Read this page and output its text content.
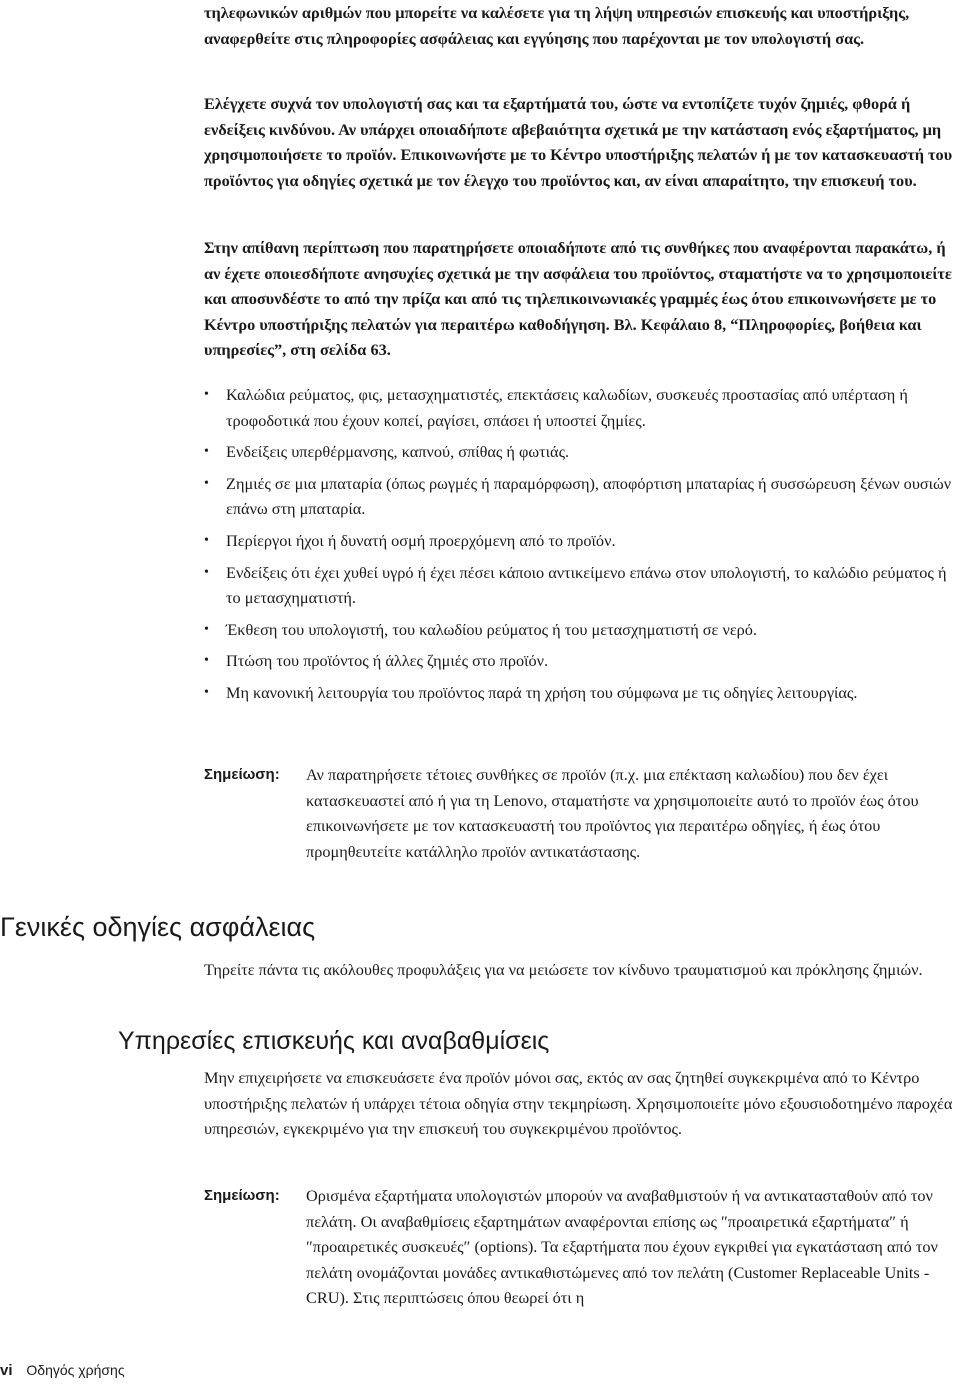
τηλεφωνικών αριθμών που μπορείτε να καλέσετε για τη λήψη υπηρεσιών επισκευής και υποστήριξης, αναφερθείτε στις πληροφορίες ασφάλειας και εγγύησης που παρέχονται με τον υπολογιστή σας.

Ελέγχετε συχνά τον υπολογιστή σας και τα εξαρτήματά του, ώστε να εντοπίζετε τυχόν ζημιές, φθορά ή ενδείξεις κινδύνου. Αν υπάρχει οποιαδήποτε αβεβαιότητα σχετικά με την κατάσταση ενός εξαρτήματος, μη χρησιμοποιήσετε το προϊόν. Επικοινωνήστε με το Κέντρο υποστήριξης πελατών ή με τον κατασκευαστή του προϊόντος για οδηγίες σχετικά με τον έλεγχο του προϊόντος και, αν είναι απαραίτητο, την επισκευή του.

Στην απίθανη περίπτωση που παρατηρήσετε οποιαδήποτε από τις συνθήκες που αναφέρονται παρακάτω, ή αν έχετε οποιεσδήποτε ανησυχίες σχετικά με την ασφάλεια του προϊόντος, σταματήστε να το χρησιμοποιείτε και αποσυνδέστε το από την πρίζα και από τις τηλεπικοινωνιακές γραμμές έως ότου επικοινωνήσετε με το Κέντρο υποστήριξης πελατών για περαιτέρω καθοδήγηση. Βλ. Κεφάλαιο 8, “Πληροφορίες, βοήθεια και υπηρεσίες”, στη σελίδα 63.

• Καλώδια ρεύματος, φις, μετασχηματιστές, επεκτάσεις καλωδίων, συσκευές προστασίας από υπέρταση ή τροφοδοτικά που έχουν κοπεί, ραγίσει, σπάσει ή υποστεί ζημίες.
• Ενδείξεις υπερθέρμανσης, καπνού, σπίθας ή φωτιάς.
• Ζημιές σε μια μπαταρία (όπως ρωγμές ή παραμόρφωση), αποφόρτιση μπαταρίας ή συσσώρευση ξένων ουσιών επάνω στη μπαταρία.
• Περίεργοι ήχοι ή δυνατή οσμή προερχόμενη από το προϊόν.
• Ενδείξεις ότι έχει χυθεί υγρό ή έχει πέσει κάποιο αντικείμενο επάνω στον υπολογιστή, το καλώδιο ρεύματος ή το μετασχηματιστή.
• Έκθεση του υπολογιστή, του καλωδίου ρεύματος ή του μετασχηματιστή σε νερό.
• Πτώση του προϊόντος ή άλλες ζημιές στο προϊόν.
• Μη κανονική λειτουργία του προϊόντος παρά τη χρήση του σύμφωνα με τις οδηγίες λειτουργίας.
Σημείωση: Αν παρατηρήσετε τέτοιες συνθήκες σε προϊόν (π.χ. μια επέκταση καλωδίου) που δεν έχει κατασκευαστεί από ή για τη Lenovo, σταματήστε να χρησιμοποιείτε αυτό το προϊόν έως ότου επικοινωνήσετε με τον κατασκευαστή του προϊόντος για περαιτέρω οδηγίες, ή έως ότου προμηθευτείτε κατάλληλο προϊόν αντικατάστασης.
Γενικές οδηγίες ασφάλειας

Τηρείτε πάντα τις ακόλουθες προφυλάξεις για να μειώσετε τον κίνδυνο τραυματισμού και πρόκλησης ζημιών.

Υπηρεσίες επισκευής και αναβαθμίσεις

Μην επιχειρήσετε να επισκευάσετε ένα προϊόν μόνοι σας, εκτός αν σας ζητηθεί συγκεκριμένα από το Κέντρο υποστήριξης πελατών ή υπάρχει τέτοια οδηγία στην τεκμηρίωση. Χρησιμοποιείτε μόνο εξουσιοδοτημένο παροχέα υπηρεσιών, εγκεκριμένο για την επισκευή του συγκεκριμένου προϊόντος.

Σημείωση: Ορισμένα εξαρτήματα υπολογιστών μπορούν να αναβαθμιστούν ή να αντικατασταθούν από τον πελάτη. Οι αναβαθμίσεις εξαρτημάτων αναφέρονται επίσης ως ″προαιρετικά εξαρτήματα″ ή ″προαιρετικές συσκευές″ (options). Τα εξαρτήματα που έχουν εγκριθεί για εγκατάσταση από τον πελάτη ονομάζονται μονάδες αντικαθιστώμενες από τον πελάτη (Customer Replaceable Units - CRU). Στις περιπτώσεις όπου θεωρεί ότι η
vi Οδηγός χρήσης
